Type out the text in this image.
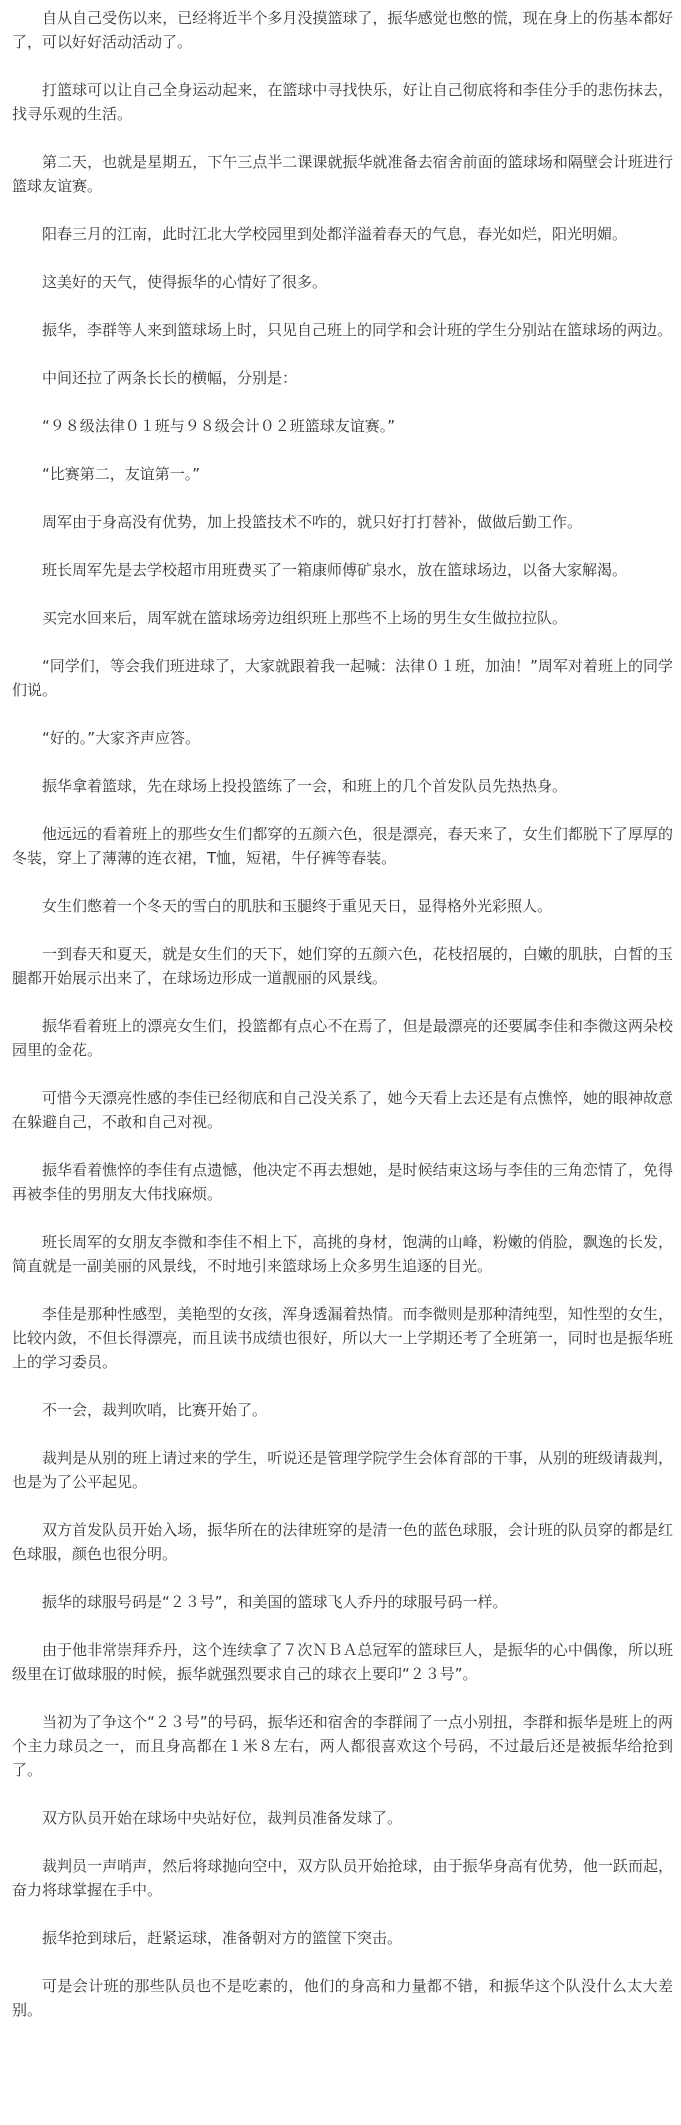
自从自己受伤以来，已经将近半个多月没摸篮球了，振华感觉也憋的慌，现在身上的伤基本都好了，可以好好活动活动了。

打篮球可以让自己全身运动起来，在篮球中寻找快乐，好让自己彻底将和李佳分手的悲伤抹去，找寻乐观的生活。

第二天，也就是星期五，下午三点半二课课就振华就准备去宿舍前面的篮球场和隔壁会计班进行篮球友谊赛。

阳春三月的江南，此时江北大学校园里到处都洋溢着春天的气息，春光如烂，阳光明媚。

这美好的天气，使得振华的心情好了很多。

振华，李群等人来到篮球场上时，只见自己班上的同学和会计班的学生分别站在篮球场的两边。

中间还拉了两条长长的横幅，分别是：

“９８级法律０１班与９８级会计０２班篮球友谊赛。”

“比赛第二，友谊第一。”

周军由于身高没有优势，加上投篮技术不咋的，就只好打打替补，做做后勤工作。

班长周军先是去学校超市用班费买了一箱康师傅矿泉水，放在篮球场边，以备大家解渴。

买完水回来后，周军就在篮球场旁边组织班上那些不上场的男生女生做拉拉队。

“同学们，等会我们班进球了，大家就跟着我一起喊：法律０１班，加油！”周军对着班上的同学们说。

“好的。”大家齐声应答。

振华拿着篮球，先在球场上投投篮练了一会，和班上的几个首发队员先热热身。

他远远的看着班上的那些女生们都穿的五颜六色，很是漂亮，春天来了，女生们都脱下了厚厚的冬装，穿上了薄薄的连衣裙，T恤，短裙，牛仔裤等春装。

女生们憋着一个冬天的雪白的肌肤和玉腿终于重见天日，显得格外光彩照人。

一到春天和夏天，就是女生们的天下，她们穿的五颜六色，花枝招展的，白嫩的肌肤，白皙的玉腿都开始展示出来了，在球场边形成一道靓丽的风景线。

振华看着班上的漂亮女生们，投篮都有点心不在焉了，但是最漂亮的还要属李佳和李微这两朵校园里的金花。

可惜今天漂亮性感的李佳已经彻底和自己没关系了，她今天看上去还是有点憔悴，她的眼神故意在躲避自己，不敢和自己对视。

振华看着憔悴的李佳有点遗憾，他决定不再去想她，是时候结束这场与李佳的三角恋情了，免得再被李佳的男朋友大伟找麻烦。

班长周军的女朋友李微和李佳不相上下，高挑的身材，饱满的山峰，粉嫩的俏脸，飘逸的长发，简直就是一副美丽的风景线，不时地引来篮球场上众多男生追逐的目光。

李佳是那种性感型，美艳型的女孩，浑身透漏着热情。而李微则是那种清纯型，知性型的女生，比较内敛，不但长得漂亮，而且读书成绩也很好，所以大一上学期还考了全班第一，同时也是振华班上的学习委员。

不一会，裁判吹哨，比赛开始了。

裁判是从别的班上请过来的学生，听说还是管理学院学生会体育部的干事，从别的班级请裁判，也是为了公平起见。

双方首发队员开始入场，振华所在的法律班穿的是清一色的蓝色球服，会计班的队员穿的都是红色球服，颜色也很分明。

振华的球服号码是“２３号”，和美国的篮球飞人乔丹的球服号码一样。

由于他非常崇拜乔丹，这个连续拿了７次ＮＢＡ总冠军的篮球巨人，是振华的心中偶像，所以班级里在订做球服的时候，振华就强烈要求自己的球衣上要印“２３号”。

当初为了争这个“２３号”的号码，振华还和宿舍的李群闹了一点小别扭，李群和振华是班上的两个主力球员之一，而且身高都在１米８左右，两人都很喜欢这个号码，不过最后还是被振华给抢到了。

双方队员开始在球场中央站好位，裁判员准备发球了。

裁判员一声哨声，然后将球抛向空中，双方队员开始抢球，由于振华身高有优势，他一跃而起，奋力将球掌握在手中。

振华抢到球后，赶紧运球，准备朝对方的篮筐下突击。

可是会计班的那些队员也不是吃素的，他们的身高和力量都不错，和振华这个队没什么太大差别。
